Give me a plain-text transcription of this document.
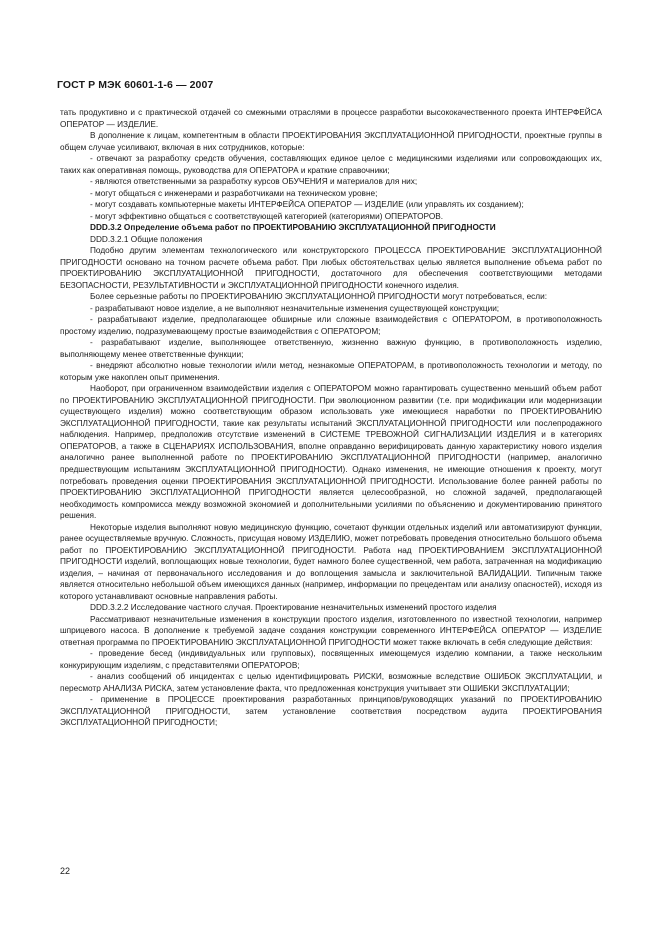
ГОСТ Р МЭК 60601-1-6 — 2007

тать продуктивно и с практической отдачей со смежными отраслями в процессе разработки высококачественного проекта ИНТЕРФЕЙСА ОПЕРАТОР — ИЗДЕЛИЕ.

В дополнение к лицам, компетентным в области ПРОЕКТИРОВАНИЯ ЭКСПЛУАТАЦИОННОЙ ПРИГОДНОСТИ, проектные группы в общем случае усиливают, включая в них сотрудников, которые:

- отвечают за разработку средств обучения, составляющих единое целое с медицинскими изделиями или сопровождающих их, таких как оперативная помощь, руководства для ОПЕРАТОРА и краткие справочники;

- являются ответственными за разработку курсов ОБУЧЕНИЯ и материалов для них;

- могут общаться с инженерами и разработчиками на техническом уровне;

- могут создавать компьютерные макеты ИНТЕРФЕЙСА ОПЕРАТОР — ИЗДЕЛИЕ (или управлять их созданием);

- могут эффективно общаться с соответствующей категорией (категориями) ОПЕРАТОРОВ.

DDD.3.2 Определение объема работ по ПРОЕКТИРОВАНИЮ ЭКСПЛУАТАЦИОННОЙ ПРИГОДНОСТИ

DDD.3.2.1 Общие положения

Подобно другим элементам технологического или конструкторского ПРОЦЕССА ПРОЕКТИРОВАНИЕ ЭКСПЛУАТАЦИОННОЙ ПРИГОДНОСТИ основано на точном расчете объема работ. При любых обстоятельствах целью является выполнение объема работ по ПРОЕКТИРОВАНИЮ ЭКСПЛУАТАЦИОННОЙ ПРИГОДНОСТИ, достаточного для обеспечения соответствующими методами БЕЗОПАСНОСТИ, РЕЗУЛЬТАТИВНОСТИ и ЭКСПЛУАТАЦИОННОЙ ПРИГОДНОСТИ конечного изделия.

Более серьезные работы по ПРОЕКТИРОВАНИЮ ЭКСПЛУАТАЦИОННОЙ ПРИГОДНОСТИ могут потребоваться, если:

- разрабатывают новое изделие, а не выполняют незначительные изменения существующей конструкции;

- разрабатывают изделие, предполагающее обширные или сложные взаимодействия с ОПЕРАТОРОМ, в противоположность простому изделию, подразумевающему простые взаимодействия с ОПЕРАТОРОМ;

- разрабатывают изделие, выполняющее ответственную, жизненно важную функцию, в противоположность изделию, выполняющему менее ответственные функции;

- внедряют абсолютно новые технологии и/или метод, незнакомые ОПЕРАТОРАМ, в противоположность технологии и методу, по которым уже накоплен опыт применения.

Наоборот, при ограниченном взаимодействии изделия с ОПЕРАТОРОМ можно гарантировать существенно меньший объем работ по ПРОЕКТИРОВАНИЮ ЭКСПЛУАТАЦИОННОЙ ПРИГОДНОСТИ. При эволюционном развитии (т.е. при модификации или модернизации существующего изделия) можно соответствующим образом использовать уже имеющиеся наработки по ПРОЕКТИРОВАНИЮ ЭКСПЛУАТАЦИОННОЙ ПРИГОДНОСТИ, такие как результаты испытаний ЭКСПЛУАТАЦИОННОЙ ПРИГОДНОСТИ или послепродажного наблюдения. Например, предположив отсутствие изменений в СИСТЕМЕ ТРЕВОЖНОЙ СИГНАЛИЗАЦИИ ИЗДЕЛИЯ и в категориях ОПЕРАТОРОВ, а также в СЦЕНАРИЯХ ИСПОЛЬЗОВАНИЯ, вполне оправданно верифицировать данную характеристику нового изделия аналогично ранее выполненной работе по ПРОЕКТИРОВАНИЮ ЭКСПЛУАТАЦИОННОЙ ПРИГОДНОСТИ (например, аналогично предшествующим испытаниям ЭКСПЛУАТАЦИОННОЙ ПРИГОДНОСТИ). Однако изменения, не имеющие отношения к проекту, могут потребовать проведения оценки ПРОЕКТИРОВАНИЯ ЭКСПЛУАТАЦИОННОЙ ПРИГОДНОСТИ. Использование более ранней работы по ПРОЕКТИРОВАНИЮ ЭКСПЛУАТАЦИОННОЙ ПРИГОДНОСТИ является целесообразной, но сложной задачей, предполагающей необходимость компромисса между возможной экономией и дополнительными усилиями по объяснению и документированию принятого решения.

Некоторые изделия выполняют новую медицинскую функцию, сочетают функции отдельных изделий или автоматизируют функции, ранее осуществляемые вручную. Сложность, присущая новому ИЗДЕЛИЮ, может потребовать проведения относительно большого объема работ по ПРОЕКТИРОВАНИЮ ЭКСПЛУАТАЦИОННОЙ ПРИГОДНОСТИ. Работа над ПРОЕКТИРОВАНИЕМ ЭКСПЛУАТАЦИОННОЙ ПРИГОДНОСТИ изделий, воплощающих новые технологии, будет намного более существенной, чем работа, затраченная на модификацию изделия, – начиная от первоначального исследования и до воплощения замысла и заключительной ВАЛИДАЦИИ. Типичным также является относительно небольшой объем имеющихся данных (например, информации по прецедентам или анализу опасностей), исходя из которого устанавливают основные направления работы.

DDD.3.2.2 Исследование частного случая. Проектирование незначительных изменений простого изделия

Рассматривают незначительные изменения в конструкции простого изделия, изготовленного по известной технологии, например шприцевого насоса. В дополнение к требуемой задаче создания конструкции современного ИНТЕРФЕЙСА ОПЕРАТОР — ИЗДЕЛИЕ ответная программа по ПРОЕКТИРОВАНИЮ ЭКСПЛУАТАЦИОННОЙ ПРИГОДНОСТИ может также включать в себя следующие действия:

- проведение бесед (индивидуальных или групповых), посвященных имеющемуся изделию компании, а также нескольким конкурирующим изделиям, с представителями ОПЕРАТОРОВ;

- анализ сообщений об инцидентах с целью идентифицировать РИСКИ, возможные вследствие ОШИБОК ЭКСПЛУАТАЦИИ, и пересмотр АНАЛИЗА РИСКА, затем установление факта, что предложенная конструкция учитывает эти ОШИБКИ ЭКСПЛУАТАЦИИ;

- применение в ПРОЦЕССЕ проектирования разработанных принципов/руководящих указаний по ПРОЕКТИРОВАНИЮ ЭКСПЛУАТАЦИОННОЙ ПРИГОДНОСТИ, затем установление соответствия посредством аудита ПРОЕКТИРОВАНИЯ ЭКСПЛУАТАЦИОННОЙ ПРИГОДНОСТИ;

22
